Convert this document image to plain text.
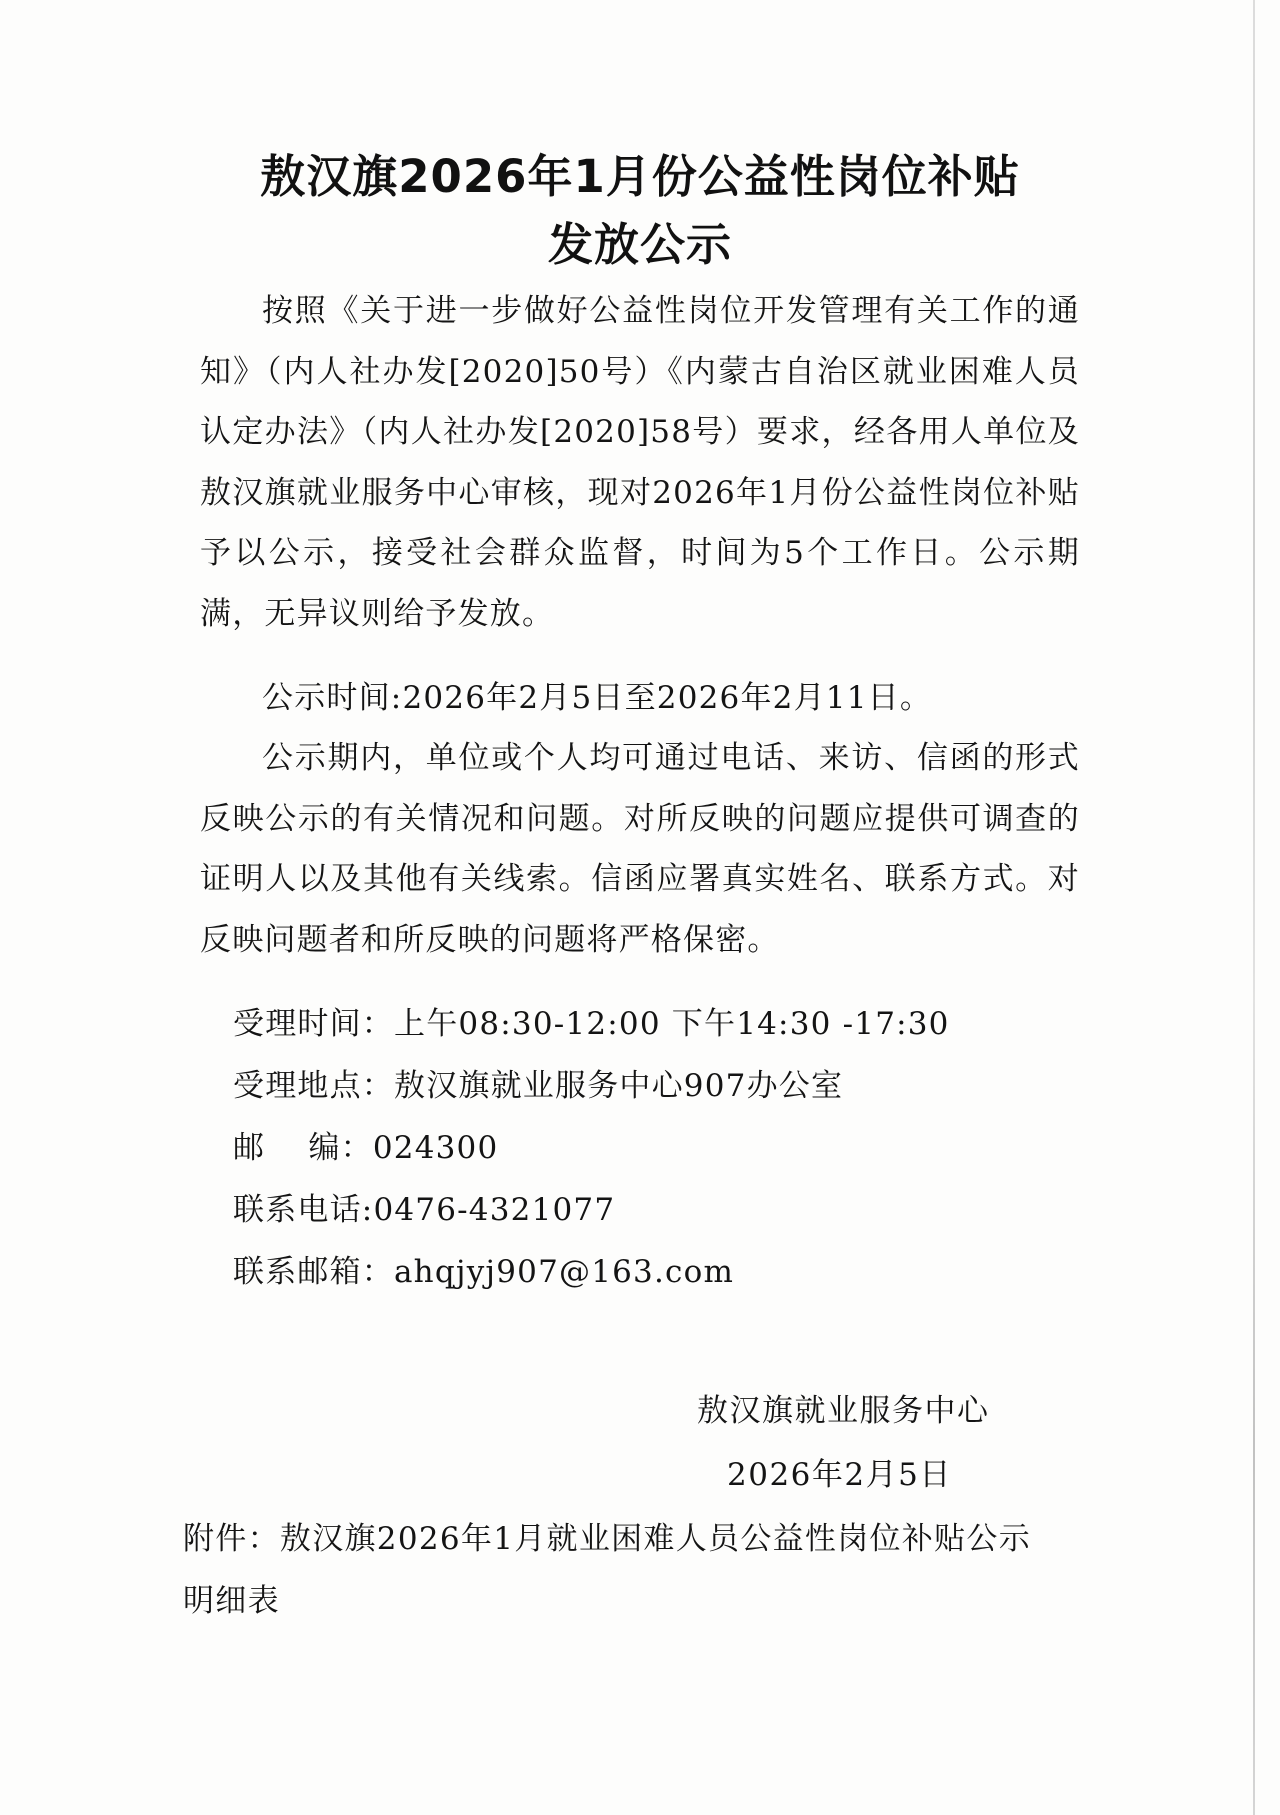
敖汉旗2026年1月份公益性岗位补贴
发放公示

按照《关于进一步做好公益性岗位开发管理有关工作的通知》（内人社办发[2020]50号）《内蒙古自治区就业困难人员认定办法》（内人社办发[2020]58号）要求，经各用人单位及敖汉旗就业服务中心审核，现对2026年1月份公益性岗位补贴予以公示，接受社会群众监督，时间为5个工作日。公示期满，无异议则给予发放。

公示时间:2026年2月5日至2026年2月11日。

公示期内，单位或个人均可通过电话、来访、信函的形式反映公示的有关情况和问题。对所反映的问题应提供可调查的证明人以及其他有关线索。信函应署真实姓名、联系方式。对反映问题者和所反映的问题将严格保密。

受理时间：上午08:30-12:00 下午14:30 -17:30
受理地点：敖汉旗就业服务中心907办公室
邮　 编：024300
联系电话:0476-4321077
联系邮箱：ahqjyj907@163.com
敖汉旗就业服务中心
2026年2月5日

附件：敖汉旗2026年1月就业困难人员公益性岗位补贴公示明细表
